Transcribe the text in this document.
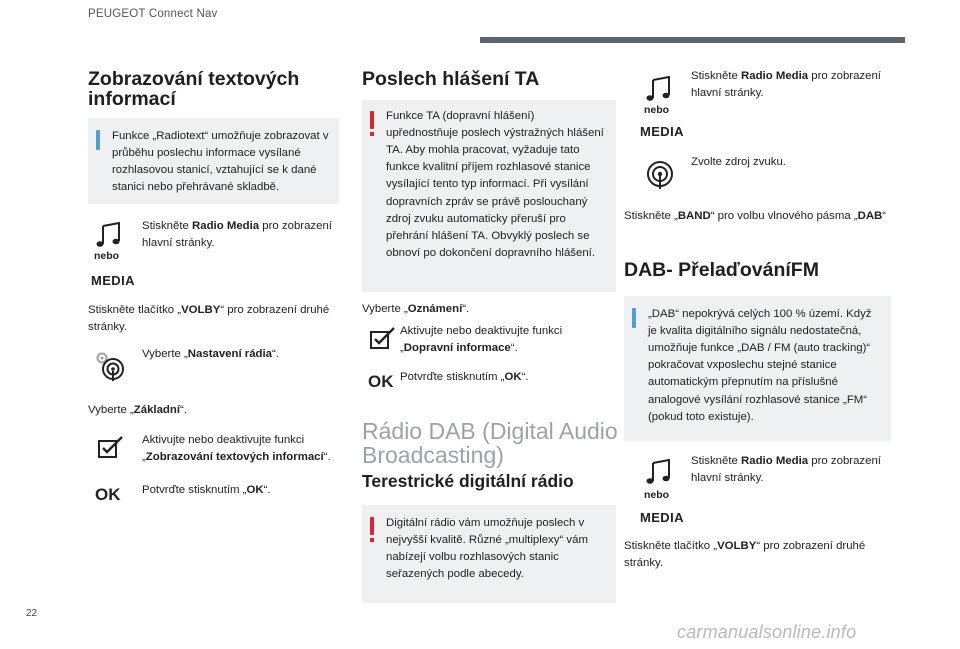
PEUGEOT Connect Nav
Zobrazování textových informací
Funkce „Radiotext“ umožňuje zobrazovat v průběhu poslechu informace vysílané rozhlasovou stanicí, vztahující se k dané stanici nebo přehrávané skladbě.
nebo
MEDIA
Stiskněte Radio Media pro zobrazení hlavní stránky.
Stiskněte tlačítko „VOLBY“ pro zobrazení druhé stránky.
Vyberte „Nastavení rádia“.
Vyberte „Základní“.
Aktivujte nebo deaktivujte funkci „Zobrazování textových informací“.
OK Potvrďte stisknutím „OK“.
Poslech hlášení TA
Funkce TA (dopravní hlášení) upřednostňuje poslech výstražných hlášení TA. Aby mohla pracovat, vyžaduje tato funkce kvalitní příjem rozhlasové stanice vysílající tento typ informací. Při vysílání dopravních zpráv se právě poslouchaný zdroj zvuku automaticky přeruší pro přehrání hlášení TA. Obvyklý poslech se obnoví po dokončení dopravního hlášení.
Vyberte „Oznámení“.
Aktivujte nebo deaktivujte funkci „Dopravní informace“.
OK Potvrďte stisknutím „OK“.
Rádio DAB (Digital Audio Broadcasting)
Terestrické digitální rádio
Digitální rádio vám umožňuje poslech v nejvyšší kvalitě. Různé „multiplexy“ vám nabízejí volbu rozhlasových stanic seřazených podle abecedy.
nebo
MEDIA
Stiskněte Radio Media pro zobrazení hlavní stránky.
Zvolte zdroj zvuku.
Stiskněte „BAND“ pro volbu vlnového pásma „DAB“
DAB- PřelaďováníFM
„DAB“ nepokrývá celých 100 % území. Když je kvalita digitálního signálu nedostatečná, umožňuje funkce „DAB / FM (auto tracking)“ pokračovat vxposlechu stejné stanice automatickým přepnutím na příslušné analogové vysílání rozhlasové stanice „FM“ (pokud toto existuje).
nebo
MEDIA
Stiskněte Radio Media pro zobrazení hlavní stránky.
Stiskněte tlačítko „VOLBY“ pro zobrazení druhé stránky.
22
carmanualsonline.info
